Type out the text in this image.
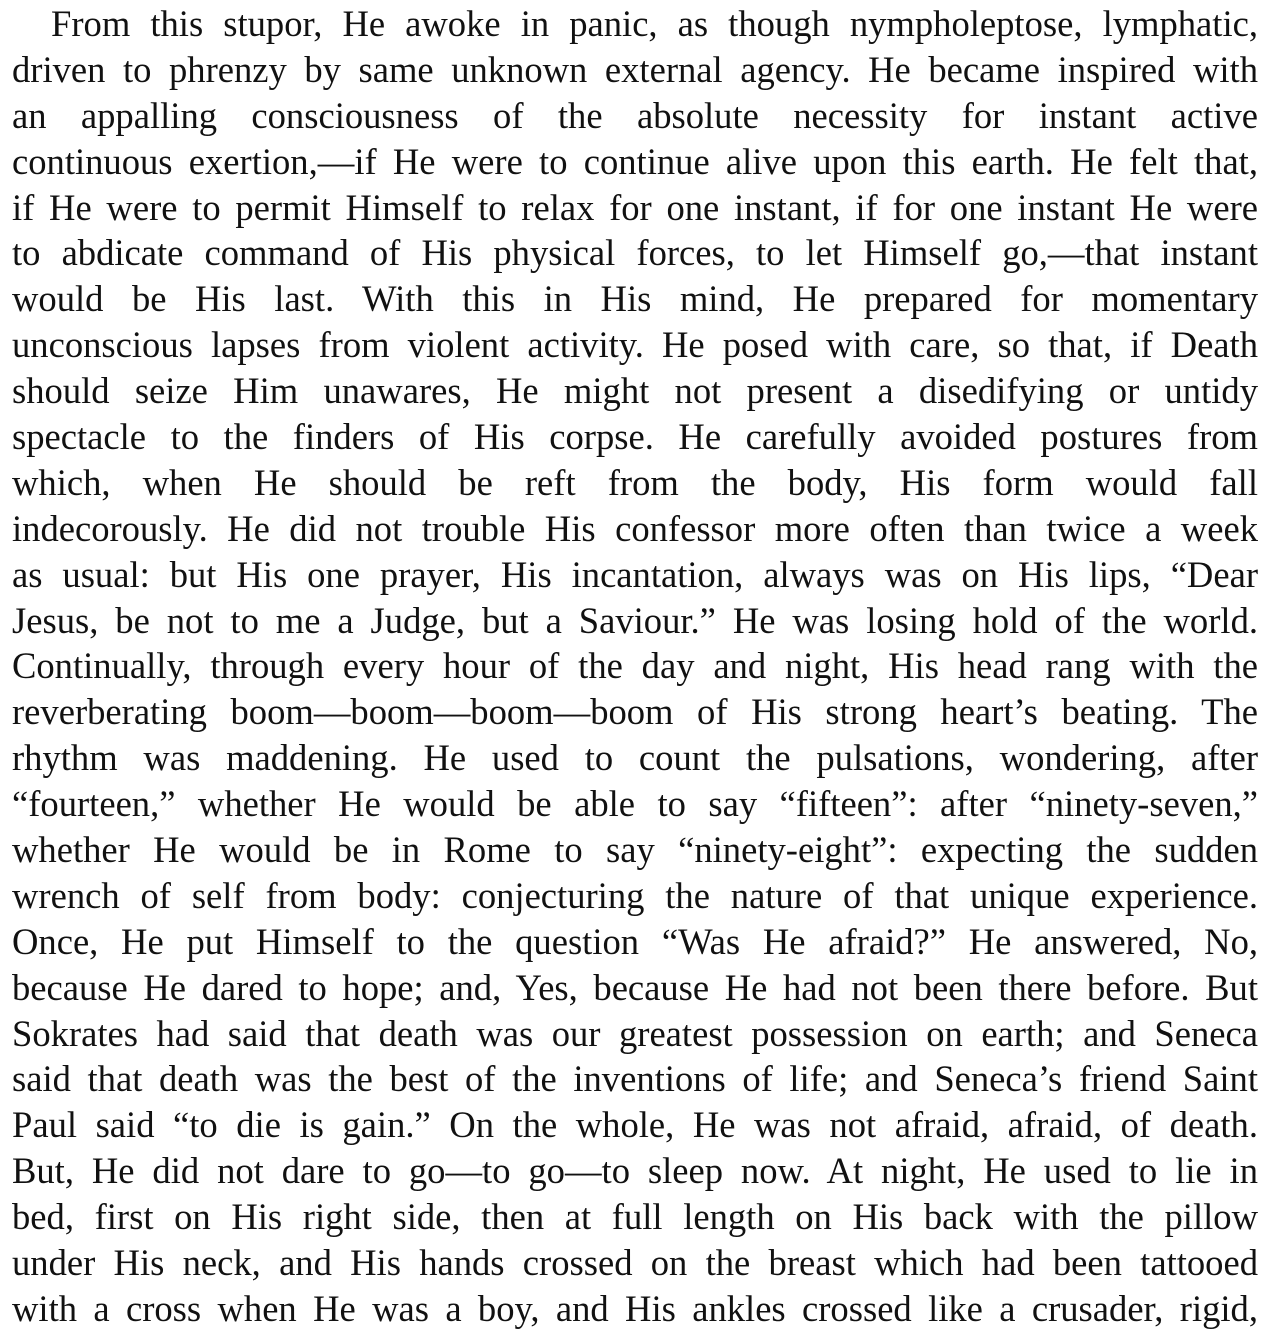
From this stupor, He awoke in panic, as though nympholeptose, lymphatic,
driven to phrenzy by same unknown external agency. He became inspired with
an appalling consciousness of the absolute necessity for instant active
continuous exertion,—if He were to continue alive upon this earth. He felt that,
if He were to permit Himself to relax for one instant, if for one instant He were
to abdicate command of His physical forces, to let Himself go,—that instant
would be His last. With this in His mind, He prepared for momentary
unconscious lapses from violent activity. He posed with care, so that, if Death
should seize Him unawares, He might not present a disedifying or untidy
spectacle to the finders of His corpse. He carefully avoided postures from
which, when He should be reft from the body, His form would fall
indecorously. He did not trouble His confessor more often than twice a week
as usual: but His one prayer, His incantation, always was on His lips, “Dear
Jesus, be not to me a Judge, but a Saviour.” He was losing hold of the world.
Continually, through every hour of the day and night, His head rang with the
reverberating boom—boom—boom—boom of His strong heart’s beating. The
rhythm was maddening. He used to count the pulsations, wondering, after
“fourteen,” whether He would be able to say “fifteen”: after “ninety-seven,”
whether He would be in Rome to say “ninety-eight”: expecting the sudden
wrench of self from body: conjecturing the nature of that unique experience.
Once, He put Himself to the question “Was He afraid?” He answered, No,
because He dared to hope; and, Yes, because He had not been there before. But
Sokrates had said that death was our greatest possession on earth; and Seneca
said that death was the best of the inventions of life; and Seneca’s friend Saint
Paul said “to die is gain.” On the whole, He was not afraid, afraid, of death.
But, He did not dare to go—to go—to sleep now. At night, He used to lie in
bed, first on His right side, then at full length on His back with the pillow
under His neck, and His hands crossed on the breast which had been tattooed
with a cross when He was a boy, and His ankles crossed like a crusader, rigid,
